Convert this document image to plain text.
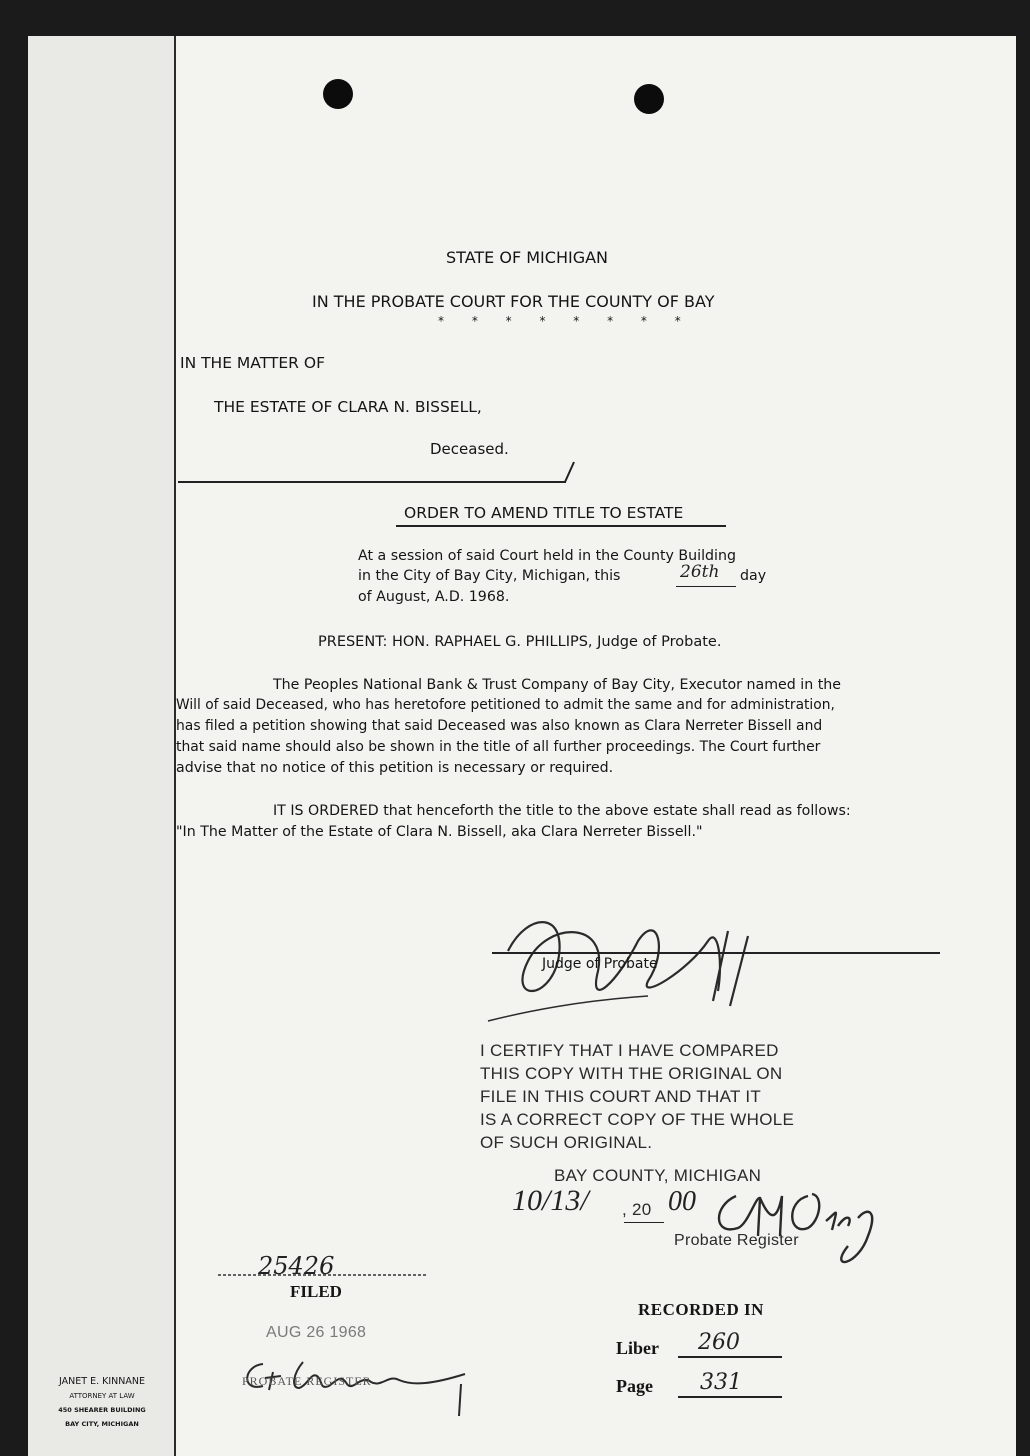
STATE OF MICHIGAN
IN THE PROBATE COURT FOR THE COUNTY OF BAY
* * * * * * * *
IN THE MATTER OF
THE ESTATE OF CLARA N. BISSELL,
Deceased.
ORDER TO AMEND TITLE TO ESTATE
At a session of said Court held in the County Building
in the City of Bay City, Michigan, this	26th day
of August, A.D. 1968.
PRESENT: HON. RAPHAEL G. PHILLIPS, Judge of Probate.
The Peoples National Bank & Trust Company of Bay City, Executor named in the
Will of said Deceased, who has heretofore petitioned to admit the same and for administration,
has filed a petition showing that said Deceased was also known as Clara Nerreter Bissell and
that said name should also be shown in the title of all further proceedings. The Court further
advise that no notice of this petition is necessary or required.
IT IS ORDERED that henceforth the title to the above estate shall read as follows:
"In The Matter of the Estate of Clara N. Bissell, aka Clara Nerreter Bissell."
Judge of Probate
I CERTIFY THAT I HAVE COMPARED
THIS COPY WITH THE ORIGINAL ON
FILE IN THIS COURT AND THAT IT
IS A CORRECT COPY OF THE WHOLE
OF SUCH ORIGINAL.
BAY COUNTY, MICHIGAN
10/13/ , 20 00
Probate Register
25426
FILED
AUG 26 1968
PROBATE REGISTER
RECORDED IN
Liber 260
Page 331
JANET E. KINNANE
ATTORNEY AT LAW
450 SHEARER BUILDING
BAY CITY, MICHIGAN
